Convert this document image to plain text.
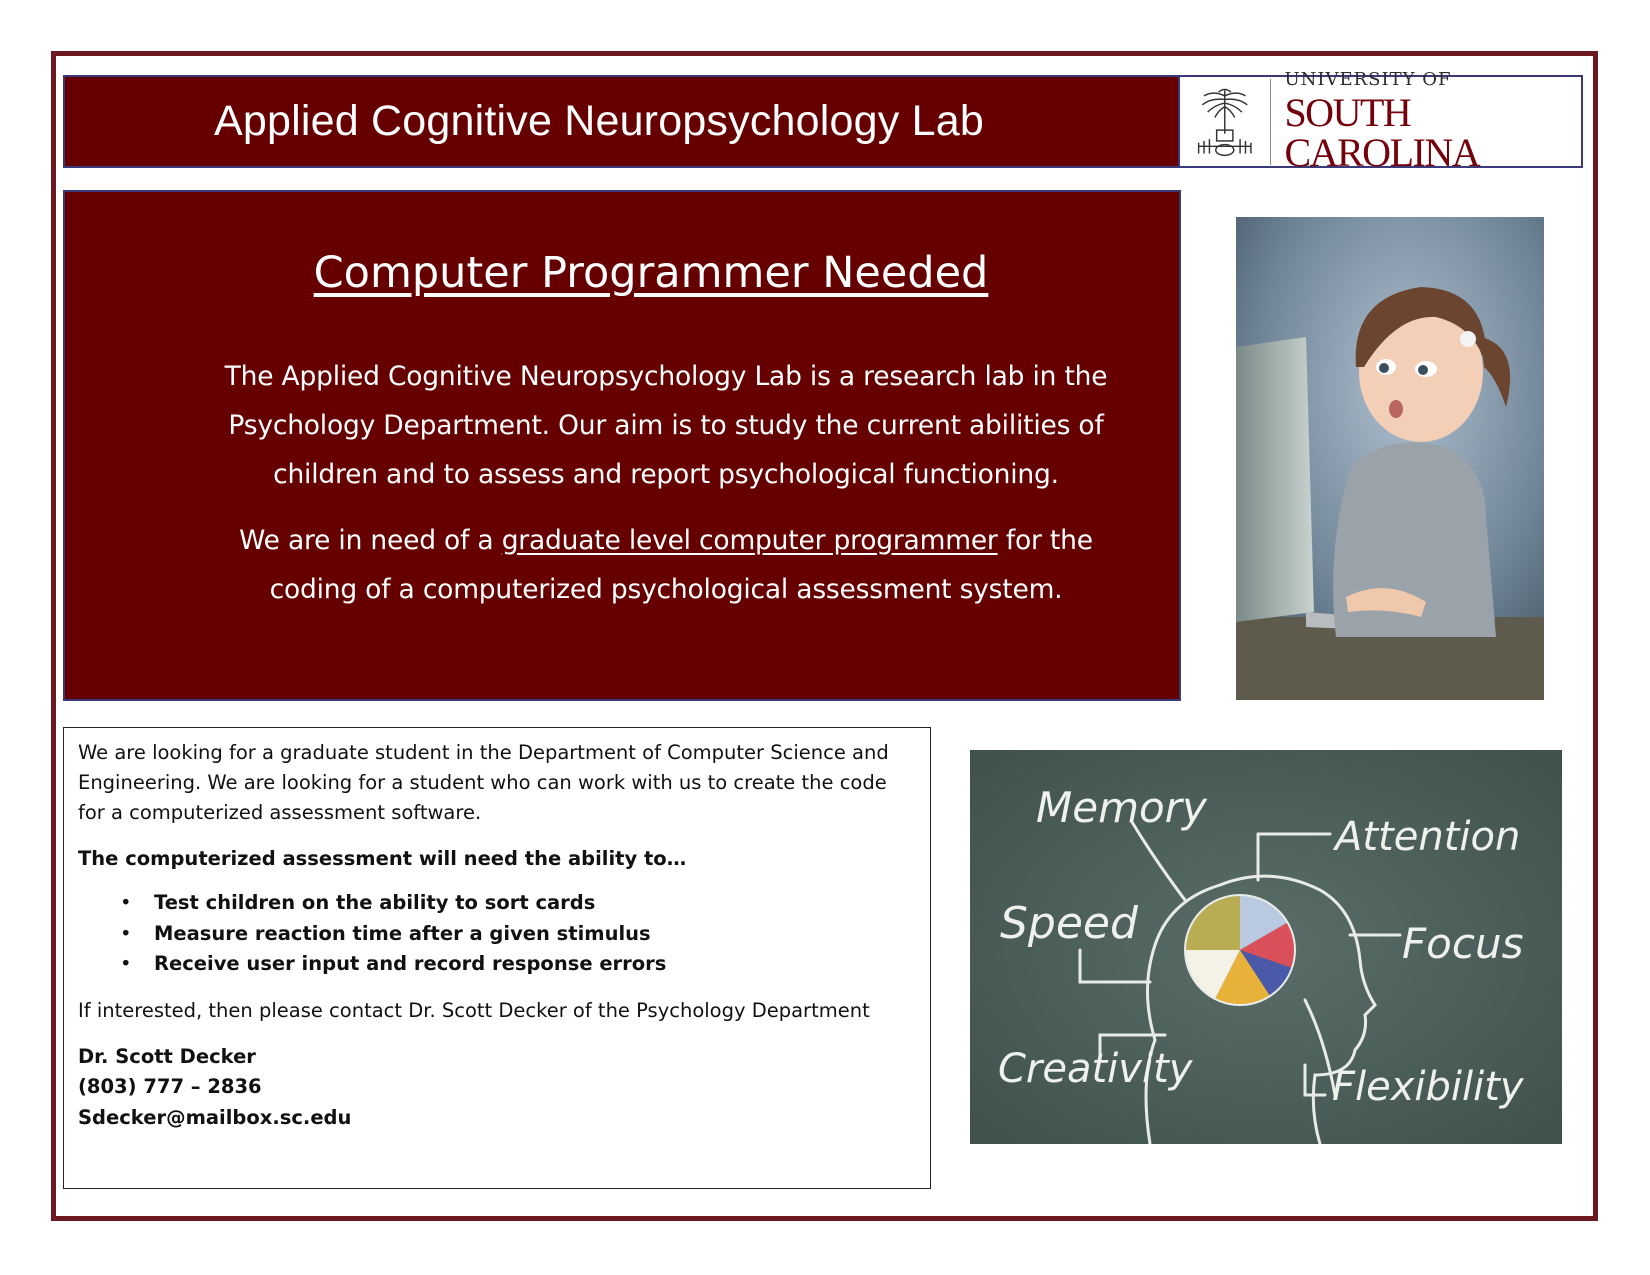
Applied Cognitive Neuropsychology Lab
UNIVERSITY OF
SOUTH CAROLINA
Computer Programmer Needed

The Applied Cognitive Neuropsychology Lab is a research lab in the Psychology Department. Our aim is to study the current abilities of children and to assess and report psychological functioning.

We are in need of a graduate level computer programmer for the coding of a computerized psychological assessment system.

Memory
Attention
Speed	Focus
Creativity	Flexibility

We are looking for a graduate student in the Department of Computer Science and Engineering. We are looking for a student who can work with us to create the code for a computerized assessment software.

The computerized assessment will need the ability to…

• Test children on the ability to sort cards
• Measure reaction time after a given stimulus
• Receive user input and record response errors

If interested, then please contact Dr. Scott Decker of the Psychology Department

Dr. Scott Decker
(803) 777 – 2836
Sdecker@mailbox.sc.edu
